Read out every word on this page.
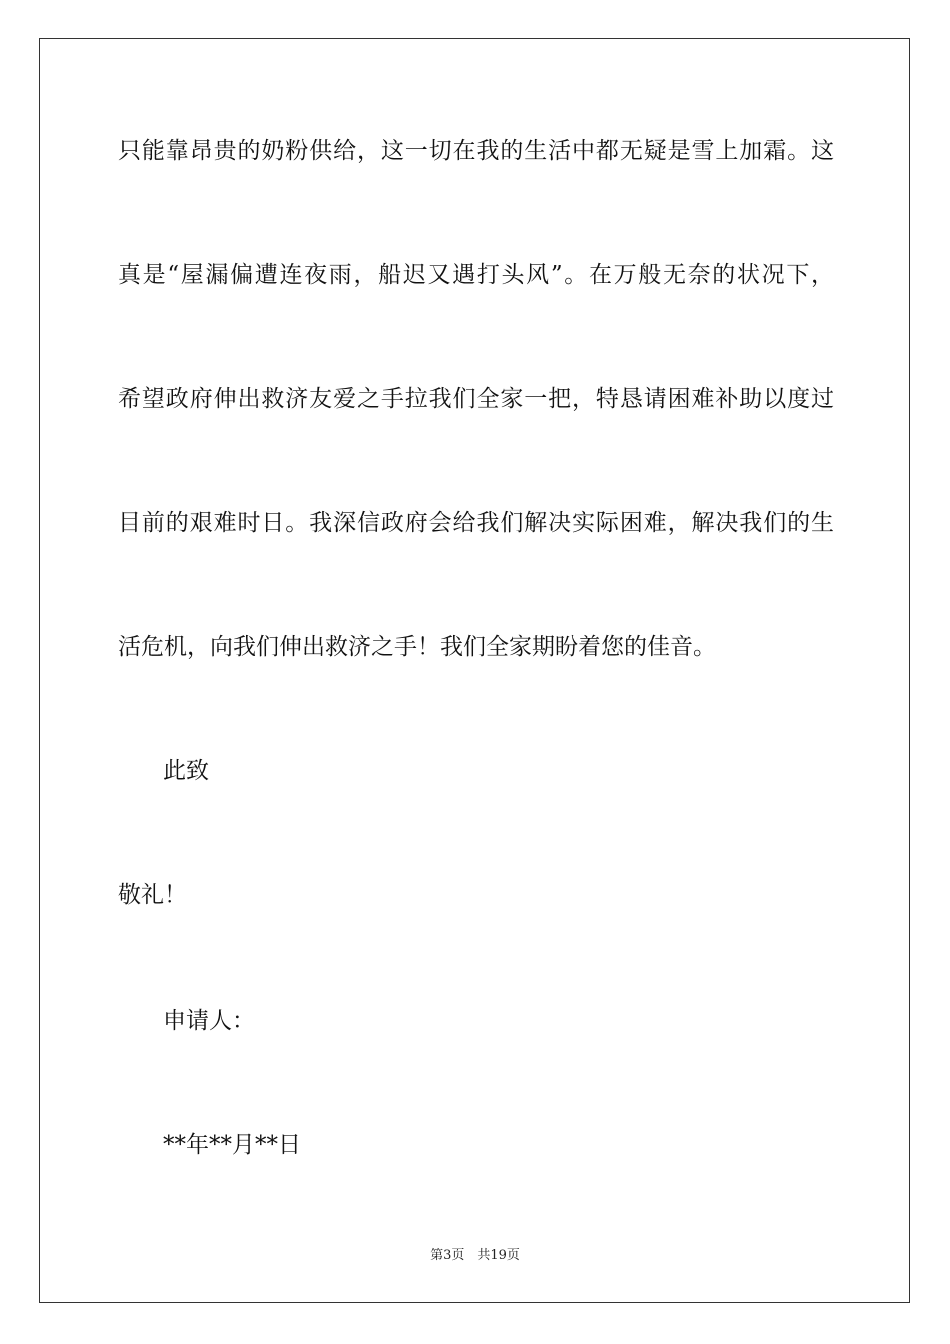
只能靠昂贵的奶粉供给，这一切在我的生活中都无疑是雪上加霜。这
真是“屋漏偏遭连夜雨，船迟又遇打头风”。在万般无奈的状况下，
希望政府伸出救济友爱之手拉我们全家一把，特恳请困难补助以度过
目前的艰难时日。我深信政府会给我们解决实际困难，解决我们的生
活危机，向我们伸出救济之手！我们全家期盼着您的佳音。
此致
敬礼！
申请人：
**年**月**日
第3页　共19页
